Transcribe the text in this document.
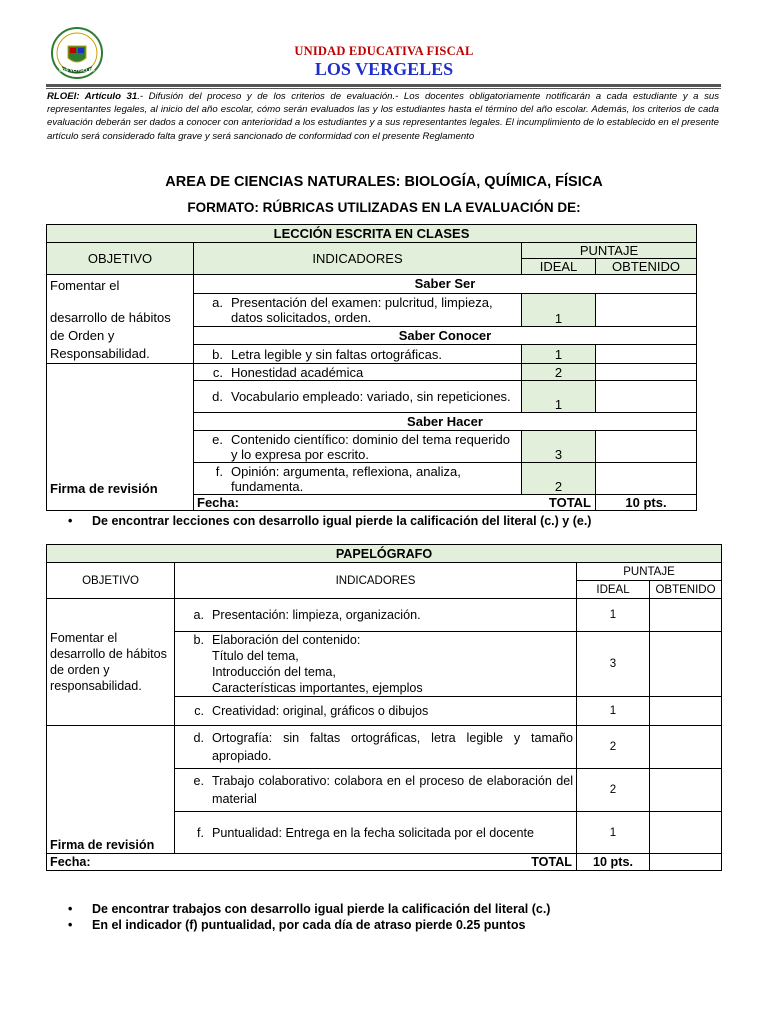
LOS VERGELES
UNIDAD EDUCATIVA FISCAL
LOS VERGELES
RLOEI: Artículo 31.- Difusión del proceso y de los criterios de evaluación.- Los docentes obligatoriamente notificarán a cada estudiante y a sus representantes legales, al inicio del año escolar, cómo serán evaluados las y los estudiantes hasta el término del año escolar. Además, los criterios de cada evaluación deberán ser dados a conocer con anterioridad a los estudiantes y a sus representantes legales. El incumplimiento de lo establecido en el presente artículo será considerado falta grave y será sancionado de conformidad con el presente Reglamento
AREA DE CIENCIAS NATURALES: BIOLOGÍA, QUÍMICA, FÍSICA
FORMATO: RÚBRICAS UTILIZADAS EN LA EVALUACIÓN DE:
LECCIÓN ESCRITA EN CLASES				
OBJETIVO	INDICADORES	PUNTAJE		
		IDEAL	OBTENIDO	

Fomentar el
desarrollo de hábitos
de Orden y
Responsabilidad.	Saber Ser			

	a. Presentación del examen: pulcritud, limpieza, datos solicitados, orden.	1		
	Saber Conocer			

	b. Letra legible y sin faltas ortográficas.	1		
Firma de revisión	c. Honestidad académica	2		

	d. Vocabulario empleado: variado, sin repeticiones.	1		
	Saber Hacer			

	e. Contenido científico: dominio del tema requerido y lo expresa por escrito.	3		

	f. Opinión: argumenta, reflexiona, analiza, fundamenta.	2		
	Fecha: TOTAL		10 pts.	
• De encontrar lecciones con desarrollo igual pierde la calificación del literal (c.) y (e.)
PAPELÓGRAFO			
OBJETIVO	INDICADORES	PUNTAJE	
		IDEAL	OBTENIDO
Fomentar el desarrollo de hábitos de orden y responsabilidad.	a. Presentación: limpieza, organización.	1	

	b. Elaboración del contenido:
Título del tema,
Introducción del tema,
Características importantes, ejemplos	3	

	c. Creatividad: original, gráficos o dibujos	1	
Firma de revisión	d. Ortografía: sin faltas ortográficas, letra legible y tamaño apropiado.	2	

	e. Trabajo colaborativo: colabora en el proceso de elaboración del material	2	

	f. Puntualidad: Entrega en la fecha solicitada por el docente	1	
Fecha: TOTAL		10 pts.	
• De encontrar trabajos con desarrollo igual pierde la calificación del literal (c.)
• En el indicador (f) puntualidad, por cada día de atraso pierde 0.25 puntos
